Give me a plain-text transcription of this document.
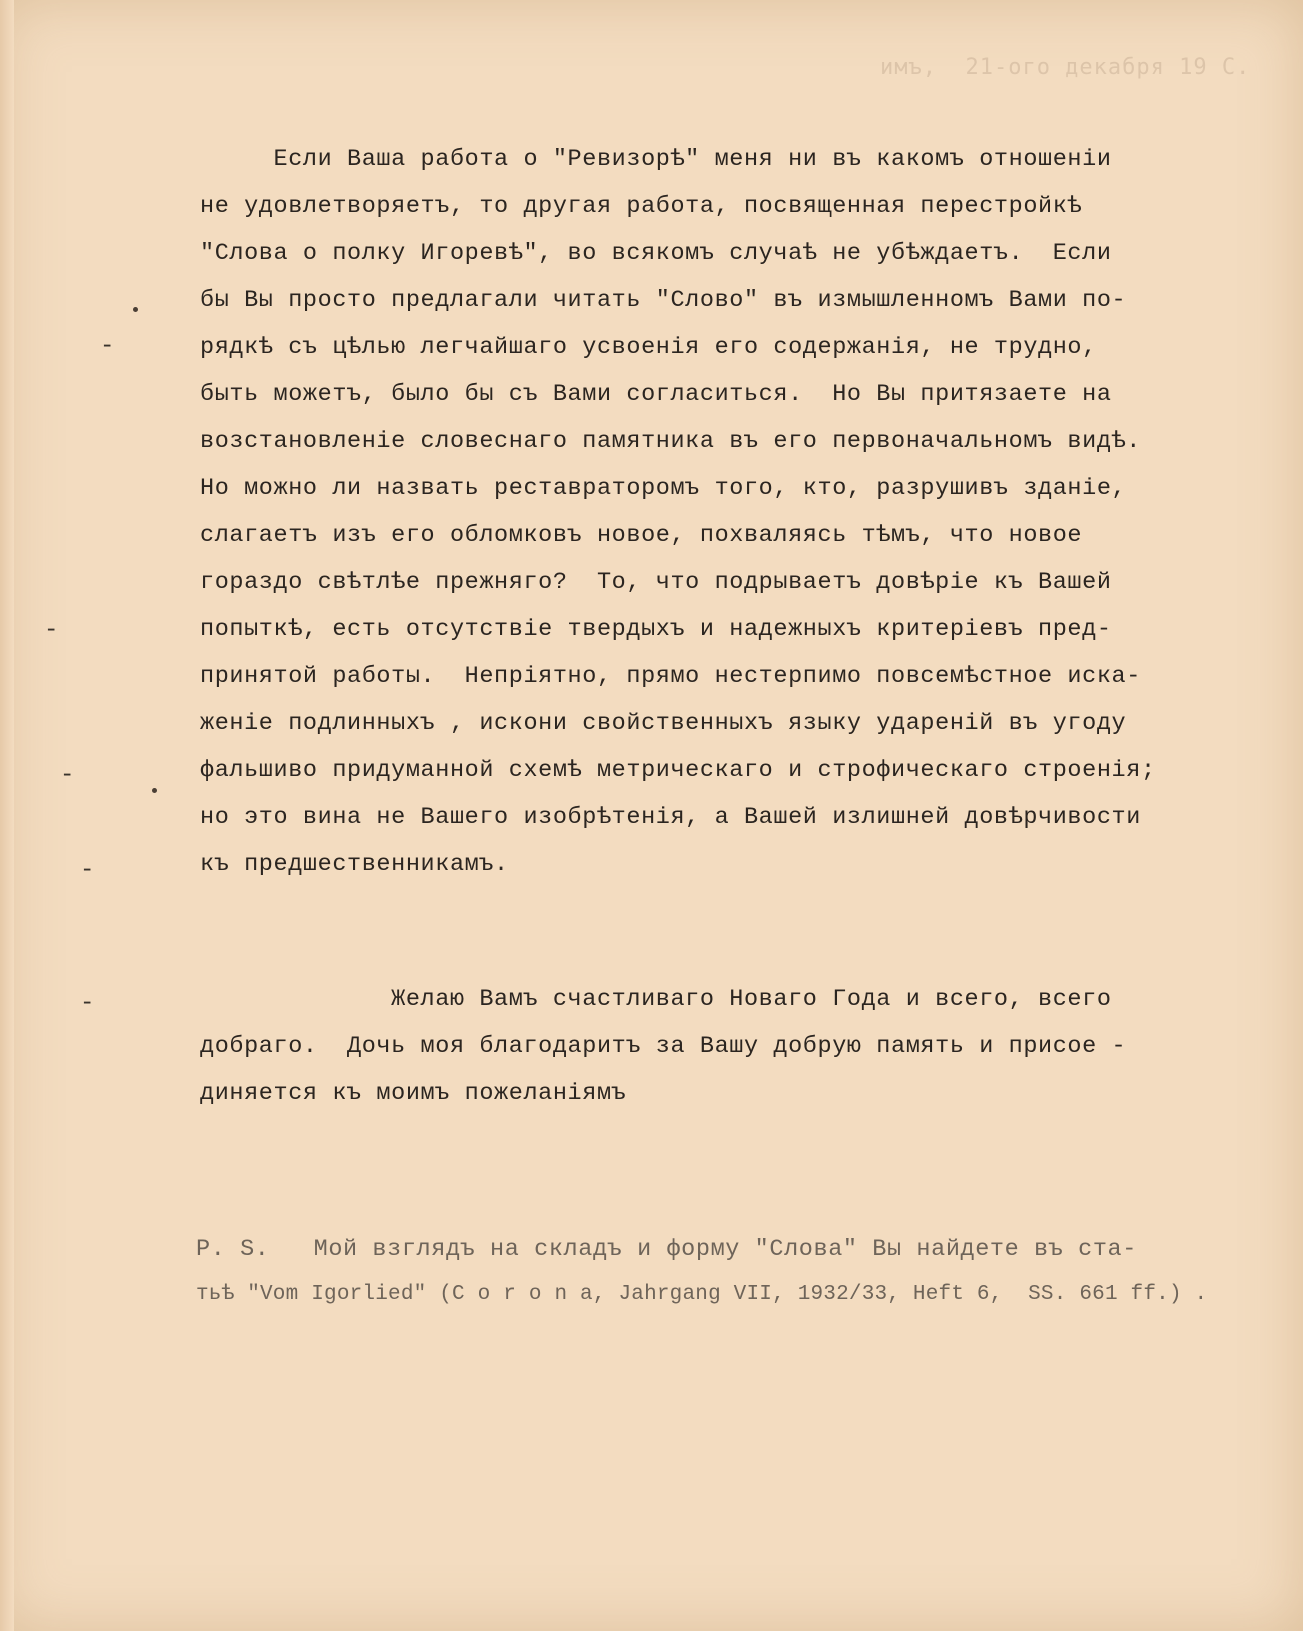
имъ,  21-ого декабря 19 С.
-
-
-
-
-
Если Ваша работа о "Ревизорѣ" меня ни въ какомъ отношеніи
не удовлетворяетъ, то другая работа, посвященная перестройкѣ
"Слова о полку Игоревѣ", во всякомъ случаѣ не убѣждаетъ.  Если
бы Вы просто предлагали читать "Слово" въ измышленномъ Вами по-
рядкѣ съ цѣлью легчайшаго усвоенія его содержанія, не трудно,
быть можетъ, было бы съ Вами согласиться.  Но Вы притязаете на
возстановленіе словеснаго памятника въ его первоначальномъ видѣ.
Но можно ли назвать реставраторомъ того, кто, разрушивъ зданіе,
слагаетъ изъ его обломковъ новое, похваляясь тѣмъ, что новое
гораздо свѣтлѣе прежняго?  То, что подрываетъ довѣріе къ Вашей
попыткѣ, есть отсутствіе твердыхъ и надежныхъ критеріевъ пред-
принятой работы.  Непріятно, прямо нестерпимо повсемѣстное иска-
женіе подлинныхъ , искони свойственныхъ языку удареній въ угоду
фальшиво придуманной схемѣ метрическаго и строфическаго строенія;
но это вина не Вашего изобрѣтенія, а Вашей излишней довѣрчивости
къ предшественникамъ.
Желаю Вамъ счастливаго Новаго Года и всего, всего
добраго.  Дочь моя благодаритъ за Вашу добрую память и присое -
диняется къ моимъ пожеланіямъ
Р. S.   Мой взглядъ на складъ и форму "Слова" Вы найдете въ ста-
тьѣ "Vom Igorlied" (C o r o n a, Jahrgang VII, 1932/33, Heft 6,  SS. 661 ff.) .
